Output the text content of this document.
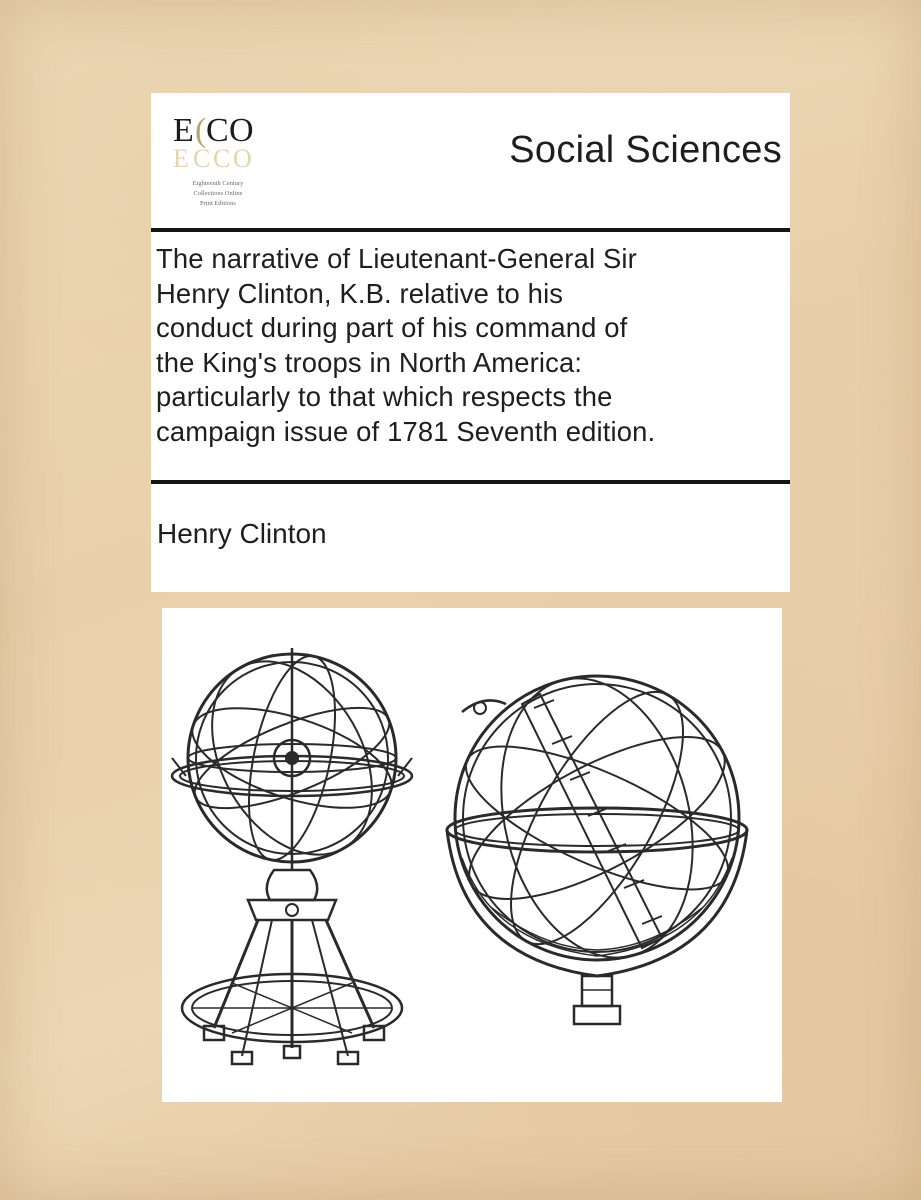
E ( C O
E C C O
Eighteenth Century
Collections Online
Print Editions
Social Sciences
The narrative of Lieutenant-General Sir
Henry Clinton, K.B. relative to his
conduct during part of his command of
the King's troops in North America:
particularly to that which respects the
campaign issue of 1781 Seventh edition.
Henry Clinton
